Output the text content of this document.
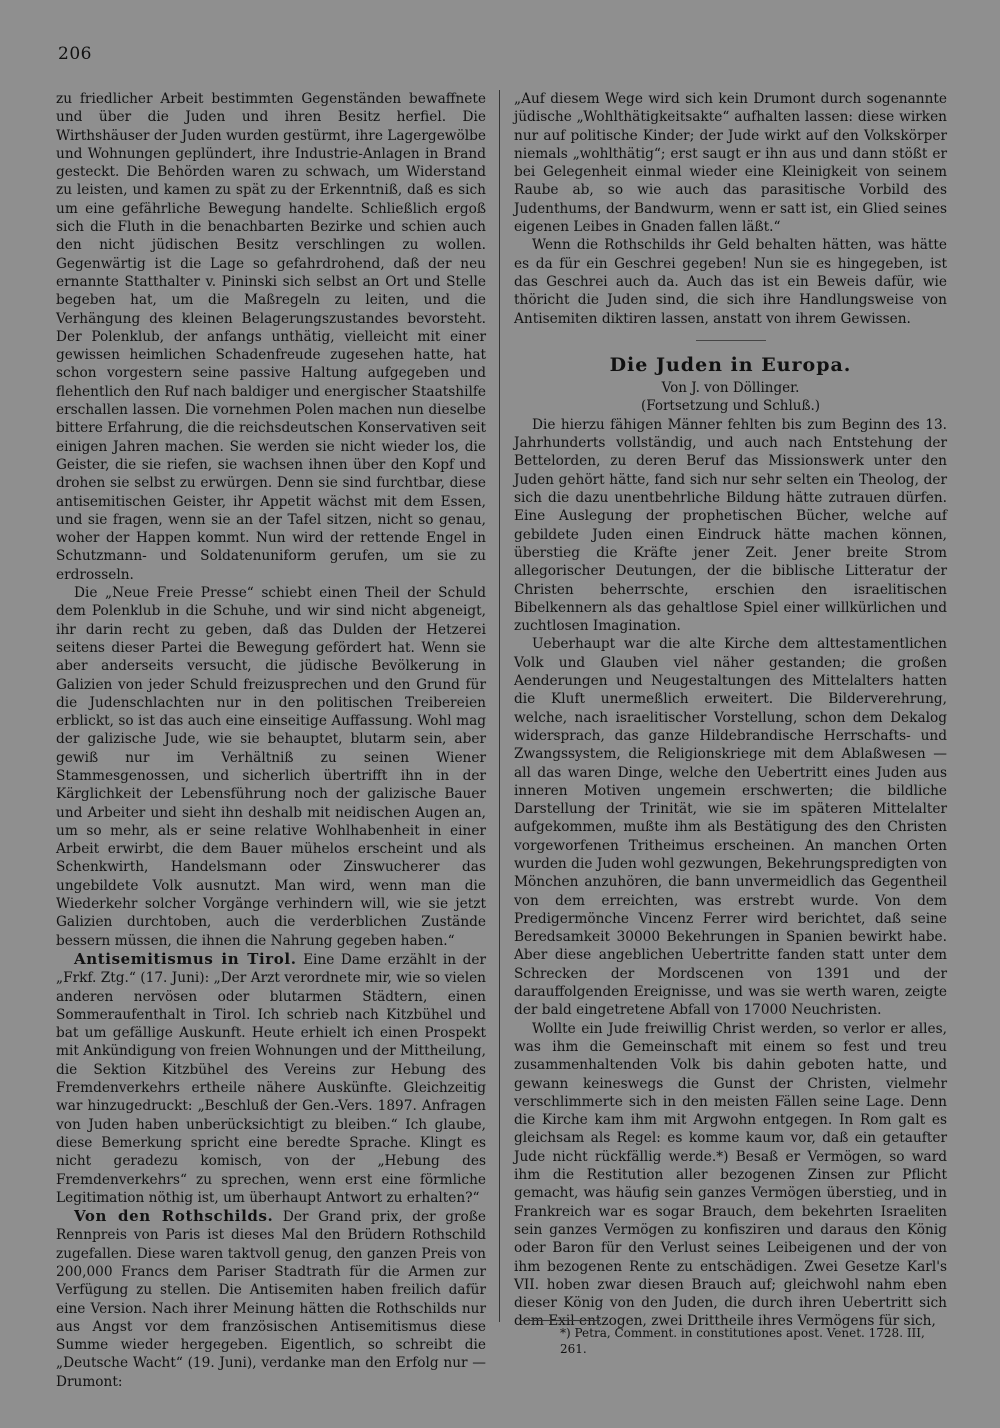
206

zu friedlicher Arbeit bestimmten Gegenständen bewaffnete und über die Juden und ihren Besitz herfiel. Die Wirthshäuser der Juden wurden gestürmt, ihre Lagergewölbe und Wohnungen geplündert, ihre Industrie-Anlagen in Brand gesteckt. Die Behörden waren zu schwach, um Widerstand zu leisten, und kamen zu spät zu der Erkenntniß, daß es sich um eine gefährliche Bewegung handelte. Schließlich ergoß sich die Fluth in die benachbarten Bezirke und schien auch den nicht jüdischen Besitz verschlingen zu wollen. Gegenwärtig ist die Lage so gefahrdrohend, daß der neu ernannte Statthalter v. Pininski sich selbst an Ort und Stelle begeben hat, um die Maßregeln zu leiten, und die Verhängung des kleinen Belagerungszustandes bevorsteht. Der Polenklub, der anfangs unthätig, vielleicht mit einer gewissen heimlichen Schadenfreude zugesehen hatte, hat schon vorgestern seine passive Haltung aufgegeben und flehentlich den Ruf nach baldiger und energischer Staatshilfe erschallen lassen. Die vornehmen Polen machen nun dieselbe bittere Erfahrung, die die reichsdeutschen Konservativen seit einigen Jahren machen. Sie werden sie nicht wieder los, die Geister, die sie riefen, sie wachsen ihnen über den Kopf und drohen sie selbst zu erwürgen. Denn sie sind furchtbar, diese antisemitischen Geister, ihr Appetit wächst mit dem Essen, und sie fragen, wenn sie an der Tafel sitzen, nicht so genau, woher der Happen kommt. Nun wird der rettende Engel in Schutzmann- und Soldatenuniform gerufen, um sie zu erdrosseln.

Die „Neue Freie Presse“ schiebt einen Theil der Schuld dem Polenklub in die Schuhe, und wir sind nicht abgeneigt, ihr darin recht zu geben, daß das Dulden der Hetzerei seitens dieser Partei die Bewegung gefördert hat. Wenn sie aber anderseits versucht, die jüdische Bevölkerung in Galizien von jeder Schuld freizusprechen und den Grund für die Judenschlachten nur in den politischen Treibereien erblickt, so ist das auch eine einseitige Auffassung. Wohl mag der galizische Jude, wie sie behauptet, blutarm sein, aber gewiß nur im Verhältniß zu seinen Wiener Stammesgenossen, und sicherlich übertrifft ihn in der Kärglichkeit der Lebensführung noch der galizische Bauer und Arbeiter und sieht ihn deshalb mit neidischen Augen an, um so mehr, als er seine relative Wohlhabenheit in einer Arbeit erwirbt, die dem Bauer mühelos erscheint und als Schenkwirth, Handelsmann oder Zinswucherer das ungebildete Volk ausnutzt. Man wird, wenn man die Wiederkehr solcher Vorgänge verhindern will, wie sie jetzt Galizien durchtoben, auch die verderblichen Zustände bessern müssen, die ihnen die Nahrung gegeben haben.“

Antisemitismus in Tirol. Eine Dame erzählt in der „Frkf. Ztg.“ (17. Juni): „Der Arzt verordnete mir, wie so vielen anderen nervösen oder blutarmen Städtern, einen Sommeraufenthalt in Tirol. Ich schrieb nach Kitzbühel und bat um gefällige Auskunft. Heute erhielt ich einen Prospekt mit Ankündigung von freien Wohnungen und der Mittheilung, die Sektion Kitzbühel des Vereins zur Hebung des Fremdenverkehrs ertheile nähere Auskünfte. Gleichzeitig war hinzugedruckt: „Beschluß der Gen.-Vers. 1897. Anfragen von Juden haben unberücksichtigt zu bleiben.“ Ich glaube, diese Bemerkung spricht eine beredte Sprache. Klingt es nicht geradezu komisch, von der „Hebung des Fremdenverkehrs“ zu sprechen, wenn erst eine förmliche Legitimation nöthig ist, um überhaupt Antwort zu erhalten?“

Von den Rothschilds. Der Grand prix, der große Rennpreis von Paris ist dieses Mal den Brüdern Rothschild zugefallen. Diese waren taktvoll genug, den ganzen Preis von 200,000 Francs dem Pariser Stadtrath für die Armen zur Verfügung zu stellen. Die Antisemiten haben freilich dafür eine Version. Nach ihrer Meinung hätten die Rothschilds nur aus Angst vor dem französischen Antisemitismus diese Summe wieder hergegeben. Eigentlich, so schreibt die „Deutsche Wacht“ (19. Juni), verdanke man den Erfolg nur — Drumont:

„Auf diesem Wege wird sich kein Drumont durch sogenannte jüdische „Wohlthätigkeitsakte“ aufhalten lassen: diese wirken nur auf politische Kinder; der Jude wirkt auf den Volkskörper niemals „wohlthätig“; erst saugt er ihn aus und dann stößt er bei Gelegenheit einmal wieder eine Kleinigkeit von seinem Raube ab, so wie auch das parasitische Vorbild des Judenthums, der Bandwurm, wenn er satt ist, ein Glied seines eigenen Leibes in Gnaden fallen läßt.“

Wenn die Rothschilds ihr Geld behalten hätten, was hätte es da für ein Geschrei gegeben! Nun sie es hingegeben, ist das Geschrei auch da. Auch das ist ein Beweis dafür, wie thöricht die Juden sind, die sich ihre Handlungsweise von Antisemiten diktiren lassen, anstatt von ihrem Gewissen.

Die Juden in Europa.
Von J. von Döllinger.
(Fortsetzung und Schluß.)

Die hierzu fähigen Männer fehlten bis zum Beginn des 13. Jahrhunderts vollständig, und auch nach Entstehung der Bettelorden, zu deren Beruf das Missionswerk unter den Juden gehört hätte, fand sich nur sehr selten ein Theolog, der sich die dazu unentbehrliche Bildung hätte zutrauen dürfen. Eine Auslegung der prophetischen Bücher, welche auf gebildete Juden einen Eindruck hätte machen können, überstieg die Kräfte jener Zeit. Jener breite Strom allegorischer Deutungen, der die biblische Litteratur der Christen beherrschte, erschien den israelitischen Bibelkennern als das gehaltlose Spiel einer willkürlichen und zuchtlosen Imagination.

Ueberhaupt war die alte Kirche dem alttestamentlichen Volk und Glauben viel näher gestanden; die großen Aenderungen und Neugestaltungen des Mittelalters hatten die Kluft unermeßlich erweitert. Die Bilderverehrung, welche, nach israelitischer Vorstellung, schon dem Dekalog widersprach, das ganze Hildebrandische Herrschafts- und Zwangssystem, die Religionskriege mit dem Ablaßwesen — all das waren Dinge, welche den Uebertritt eines Juden aus inneren Motiven ungemein erschwerten; die bildliche Darstellung der Trinität, wie sie im späteren Mittelalter aufgekommen, mußte ihm als Bestätigung des den Christen vorgeworfenen Tritheimus erscheinen. An manchen Orten wurden die Juden wohl gezwungen, Bekehrungspredigten von Mönchen anzuhören, die bann unvermeidlich das Gegentheil von dem erreichten, was erstrebt wurde. Von dem Predigermönche Vincenz Ferrer wird berichtet, daß seine Beredsamkeit 30000 Bekehrungen in Spanien bewirkt habe. Aber diese angeblichen Uebertritte fanden statt unter dem Schrecken der Mordscenen von 1391 und der darauffolgenden Ereignisse, und was sie werth waren, zeigte der bald eingetretene Abfall von 17000 Neuchristen.

Wollte ein Jude freiwillig Christ werden, so verlor er alles, was ihm die Gemeinschaft mit einem so fest und treu zusammenhaltenden Volk bis dahin geboten hatte, und gewann keineswegs die Gunst der Christen, vielmehr verschlimmerte sich in den meisten Fällen seine Lage. Denn die Kirche kam ihm mit Argwohn entgegen. In Rom galt es gleichsam als Regel: es komme kaum vor, daß ein getaufter Jude nicht rückfällig werde.*) Besaß er Vermögen, so ward ihm die Restitution aller bezogenen Zinsen zur Pflicht gemacht, was häufig sein ganzes Vermögen überstieg, und in Frankreich war es sogar Brauch, dem bekehrten Israeliten sein ganzes Vermögen zu konfisziren und daraus den König oder Baron für den Verlust seines Leibeigenen und der von ihm bezogenen Rente zu entschädigen. Zwei Gesetze Karl's VII. hoben zwar diesen Brauch auf; gleichwohl nahm eben dieser König von den Juden, die durch ihren Uebertritt sich dem Exil entzogen, zwei Drittheile ihres Vermögens für sich,

*) Petra, Comment. in constitutiones apost. Venet. 1728. III, 261.
